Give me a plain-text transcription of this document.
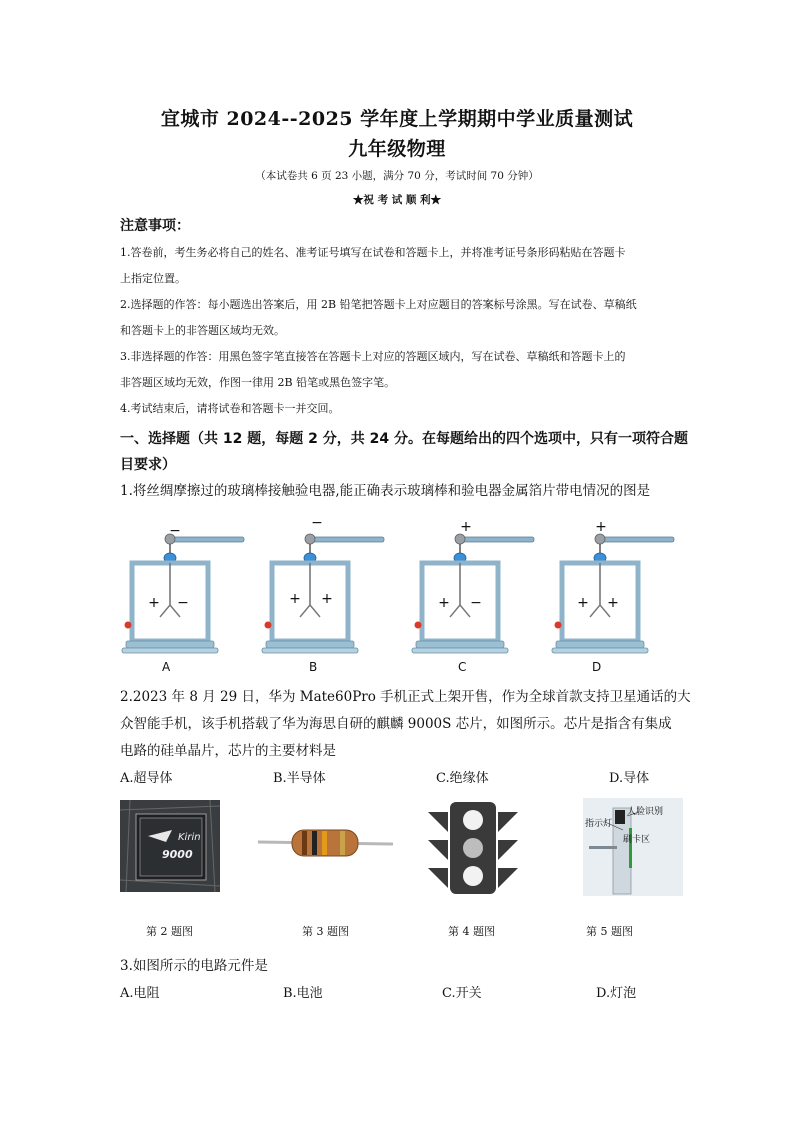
宜城市 2024--2025 学年度上学期期中学业质量测试
九年级物理
（本试卷共 6 页 23 小题，满分 70 分，考试时间 70 分钟）
★祝 考 试 顺 利★
注意事项：
1.答卷前，考生务必将自己的姓名、准考证号填写在试卷和答题卡上，并将准考证号条形码粘贴在答题卡
上指定位置。
2.选择题的作答：每小题选出答案后，用 2B 铅笔把答题卡上对应题目的答案标号涂黑。写在试卷、草稿纸
和答题卡上的非答题区域均无效。
3.非选择题的作答：用黑色签字笔直接答在答题卡上对应的答题区域内，写在试卷、草稿纸和答题卡上的
非答题区域均无效，作图一律用 2B 铅笔或黑色签字笔。
4.考试结束后，请将试卷和答题卡一并交回。
一、选择题（共 12 题，每题 2 分，共 24 分。在每题给出的四个选项中，只有一项符合题
目要求）
1.将丝绸摩擦过的玻璃棒接触验电器,能正确表示玻璃棒和验电器金属箔片带电情况的图是
−
+ −
−
+ +
+
+ −
+
+ +
A	B	C	D
2.2023 年 8 月 29 日，华为 Mate60Pro 手机正式上架开售，作为全球首款支持卫星通话的大
众智能手机，该手机搭载了华为海思自研的麒麟 9000S 芯片，如图所示。芯片是指含有集成
电路的硅单晶片，芯片的主要材料是
A.超导体	B.半导体	C.绝缘体	D.导体
Kirin
9000
人脸识别
指示灯
刷卡区
第 2 题图	第 3 题图	第 4 题图	第 5 题图
3.如图所示的电路元件是
A.电阻	B.电池	C.开关	D.灯泡
